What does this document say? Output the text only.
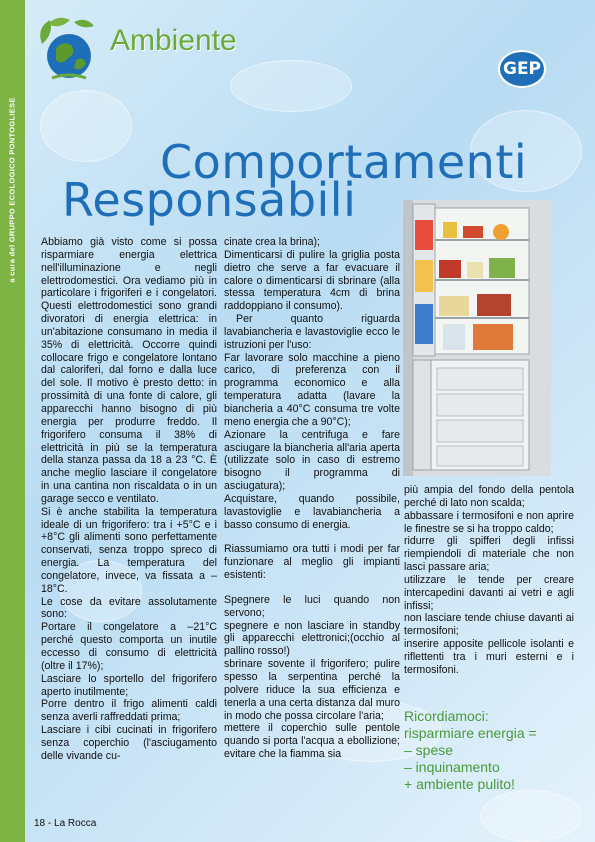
a cura del GRUPPO ECOLOGICO PONTOGLIESE
Ambiente
GEP
Comportamenti
Responsabili

Abbiamo già visto come si possa risparmiare energia elettrica nell'illuminazione e negli elettrodomestici. Ora vediamo più in particolare i frigoriferi e i congelatori. Questi elettrodomestici sono grandi divoratori di energia elettrica: in un'abitazione consumano in media il 35% di elettricità. Occorre quindi collocare frigo e congelatore lontano dal caloriferi, dal forno e dalla luce del sole. Il motivo è presto detto: in prossimità di una fonte di calore, gli apparecchi hanno bisogno di più energia per produrre freddo. Il frigorifero consuma il 38% di elettricità in più se la temperatura della stanza passa da 18 a 23 °C. È anche meglio lasciare il congelatore in una cantina non riscaldata o in un garage secco e ventilato.

Si è anche stabilita la temperatura ideale di un frigorifero: tra i +5°C e i +8°C gli alimenti sono perfettamente conservati, senza troppo spreco di energia. La temperatura del congelatore, invece, va fissata a –18°C.

Le cose da evitare assolutamente sono:

Portare il congelatore a –21°C perché questo comporta un inutile eccesso di consumo di elettricità (oltre il 17%);

Lasciare lo sportello del frigorifero aperto inutilmente;

Porre dentro il frigo alimenti caldi senza averli raffreddati prima;

Lasciare i cibi cucinati in frigorifero senza coperchio (l'asciugamento delle vivande cu-

cinate crea la brina);

Dimenticarsi di pulire la griglia posta dietro che serve a far evacuare il calore o dimenticarsi di sbrinare (alla stessa temperatura 4cm di brina raddoppiano il consumo).

Per quanto riguarda lavabiancheria e lavastoviglie ecco le istruzioni per l'uso:

Far lavorare solo macchine a pieno carico, di preferenza con il programma economico e alla temperatura adatta (lavare la biancheria a 40°C consuma tre volte meno energia che a 90°C);

Azionare la centrifuga e fare asciugare la biancheria all'aria aperta (utilizzate solo in caso di estremo bisogno il programma di asciugatura);

Acquistare, quando possibile, lavastoviglie e lavabiancheria a basso consumo di energia.

Riassumiamo ora tutti i modi per far funzionare al meglio gli impianti esistenti:

Spegnere le luci quando non servono;

spegnere e non lasciare in standby gli apparecchi elettronici;(occhio al pallino rosso!)

sbrinare sovente il frigorifero; pulire spesso la serpentina perché la polvere riduce la sua efficienza e tenerla a una certa distanza dal muro in modo che possa circolare l'aria;

mettere il coperchio sulle pentole quando si porta l'acqua a ebollizione; evitare che la fiamma sia

più ampia del fondo della pentola perché di lato non scalda;

abbassare i termosifoni e non aprire le finestre se si ha troppo caldo;

ridurre gli spifferi degli infissi riempiendoli di materiale che non lasci passare aria;

utilizzare le tende per creare intercapedini davanti ai vetri e agli infissi;

non lasciare tende chiuse davanti ai termosifoni;

inserire apposite pellicole isolanti e riflettenti tra i muri esterni e i termosifoni.

Ricordiamoci:
risparmiare energia =
– spese
– inquinamento
+ ambiente pulito!
18 - La Rocca
